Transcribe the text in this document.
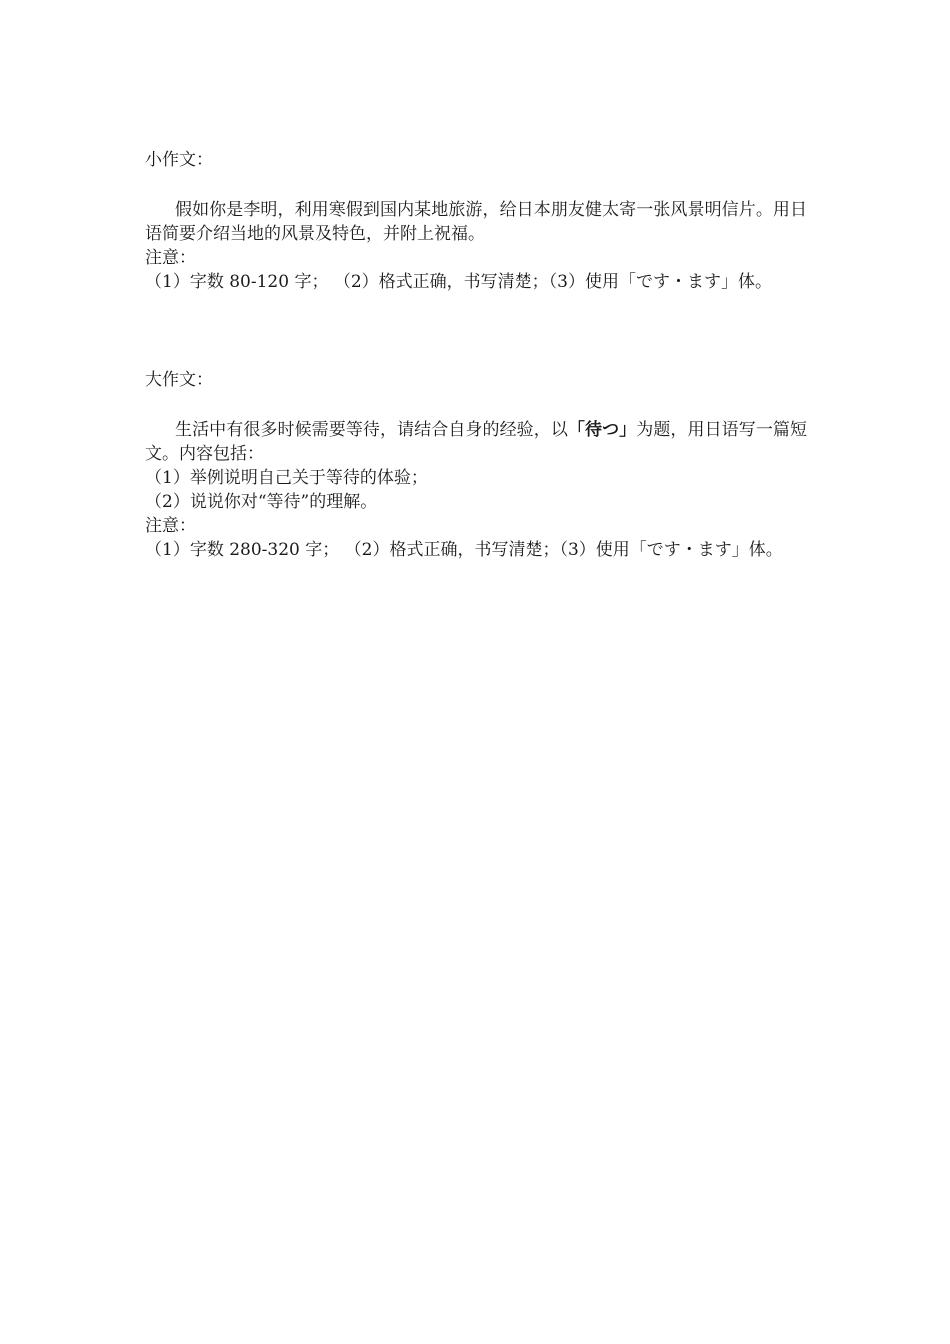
小作文：

假如你是李明，利用寒假到国内某地旅游，给日本朋友健太寄一张风景明信片。用日语简要介绍当地的风景及特色，并附上祝福。

注意：

（1）字数 80-120 字； （2）格式正确，书写清楚；（3）使用「です・ます」体。

大作文：

生活中有很多时候需要等待，请结合自身的经验，以「待つ」为题，用日语写一篇短文。内容包括：

（1）举例说明自己关于等待的体验；

（2）说说你对“等待”的理解。

注意：

（1）字数 280-320 字； （2）格式正确，书写清楚；（3）使用「です・ます」体。
